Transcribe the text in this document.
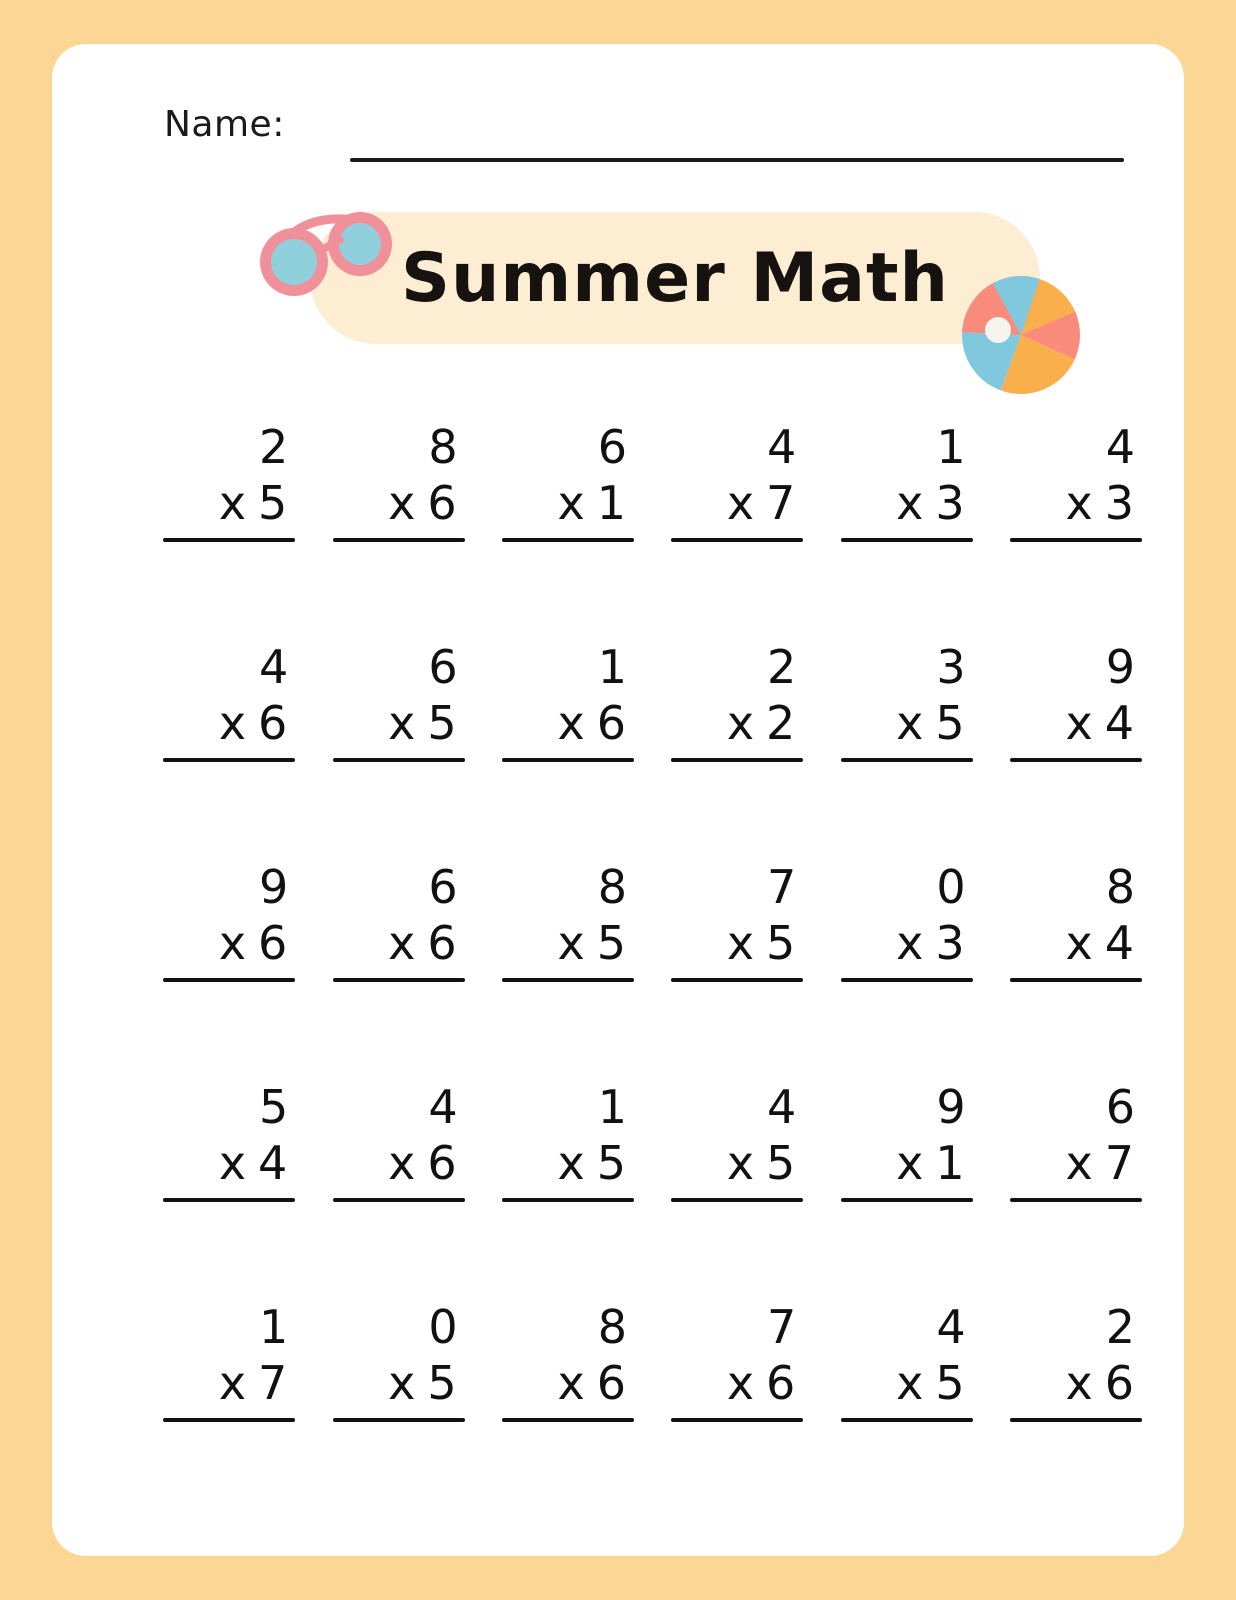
Name:
Summer Math
2
x 5
8
x 6
6
x 1
4
x 7
1
x 3
4
x 3
4
x 6
6
x 5
1
x 6
2
x 2
3
x 5
9
x 4
9
x 6
6
x 6
8
x 5
7
x 5
0
x 3
8
x 4
5
x 4
4
x 6
1
x 5
4
x 5
9
x 1
6
x 7
1
x 7
0
x 5
8
x 6
7
x 6
4
x 5
2
x 6
